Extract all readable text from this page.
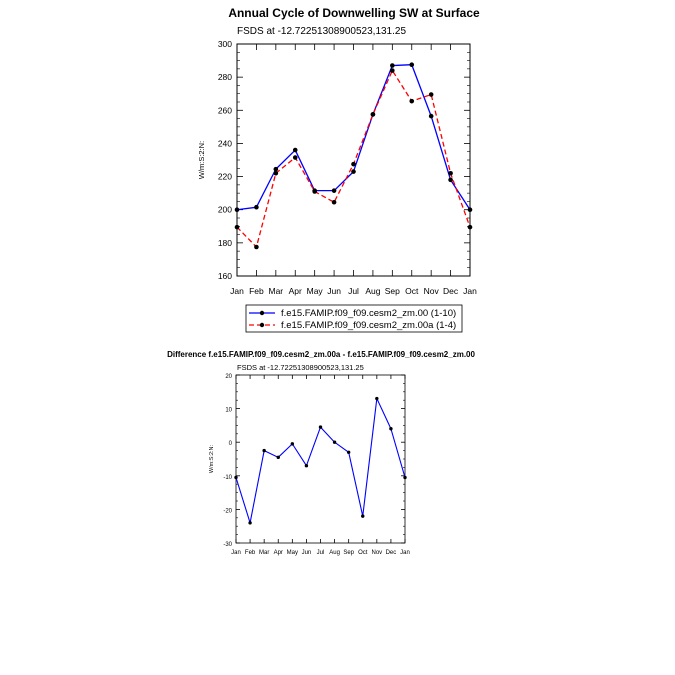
Annual Cycle of Downwelling SW at Surface
FSDS at -12.72251308900523,131.25
W/m:S:2:N:
160
180
200
220
240
260
280
300
Jan Feb Mar Apr May Jun Jul Aug Sep Oct Nov Dec Jan
f.e15.FAMIP.f09_f09.cesm2_zm.00 (1-10)
f.e15.FAMIP.f09_f09.cesm2_zm.00a (1-4)
Difference f.e15.FAMIP.f09_f09.cesm2_zm.00a - f.e15.FAMIP.f09_f09.cesm2_zm.00
FSDS at -12.72251308900523,131.25
W/m:S:2:N:
-30
-20
-10
0
10
20
Jan Feb Mar Apr May Jun Jul Aug Sep Oct Nov Dec Jan
